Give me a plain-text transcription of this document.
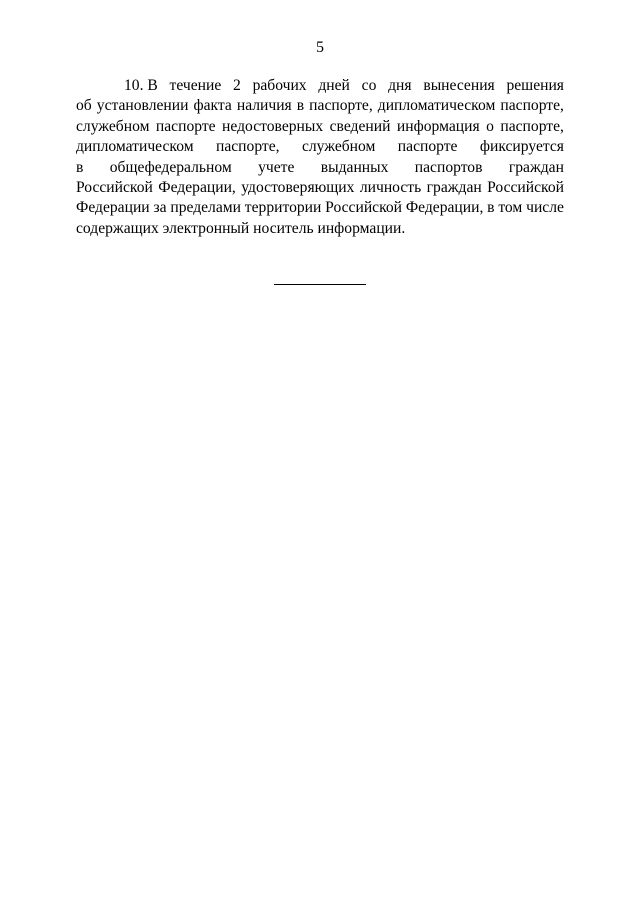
5
10. В течение 2 рабочих дней со дня вынесения решения
об установлении факта наличия в паспорте, дипломатическом паспорте,
служебном паспорте недостоверных сведений информация о паспорте,
дипломатическом паспорте, служебном паспорте фиксируется
в общефедеральном учете выданных паспортов граждан
Российской Федерации, удостоверяющих личность граждан Российской
Федерации за пределами территории Российской Федерации, в том числе
содержащих электронный носитель информации.
